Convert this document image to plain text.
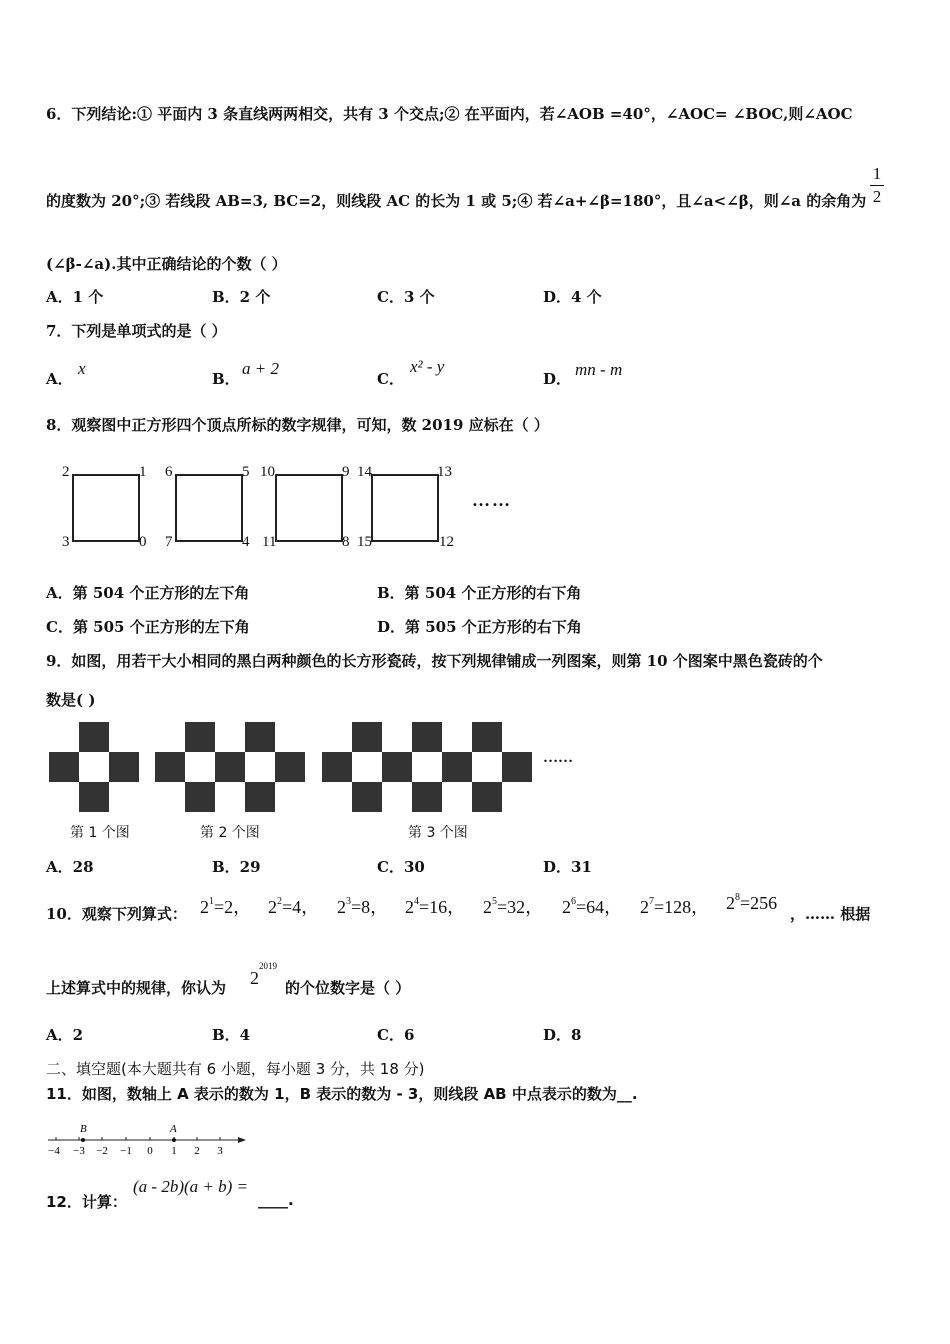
6．下列结论:① 平面内 3 条直线两两相交，共有 3 个交点;② 在平面内，若∠AOB =40°，∠AOC= ∠BOC,则∠AOC
1
2
的度数为 20°;③ 若线段 AB=3, BC=2，则线段 AC 的长为 1 或 5;④ 若∠a+∠β=180°，且∠a<∠β，则∠a 的余角为
(∠β-∠a).其中正确结论的个数（ ）
A．1 个	B．2 个	C．3 个	D．4 个
7．下列是单项式的是（ ）
A．
x
B．
a + 2
C．
x² - y
D． mn - m
8．观察图中正方形四个顶点所标的数字规律，可知，数 2019 应标在（ ）
2	1
3	0
6	5
7	4
10	9
11	8
14	13
15	12
……
A．第 504 个正方形的左下角	B．第 504 个正方形的右下角
C．第 505 个正方形的左下角	D．第 505 个正方形的右下角
9．如图，用若干大小相同的黑白两种颜色的长方形瓷砖，按下列规律铺成一列图案，则第 10 个图案中黑色瓷砖的个
数是( )
……
第 1 个图	第 2 个图	第 3 个图
A．28	B．29	C．30	D．31
10．观察下列算式： $2^1=2$， $2^2=4$， $2^3=8$， $2^4=16$， $2^5=32$， $2^6=64$， $2^7=128$， $2^8=256$
，…… 根据
上述算式中的规律，你认为 $2^{2019}$
的个位数字是（ ）
A．2	B．4	C．6	D．8
二、填空题(本大题共有 6 小题，每小题 3 分，共 18 分)
11．如图，数轴上 A 表示的数为 1，B 表示的数为 - 3，则线段 AB 中点表示的数为__.
B	A
−4 −3 −2 −1 0 1 2 3
12．计算：
(a - 2b)(a + b) =
____.
